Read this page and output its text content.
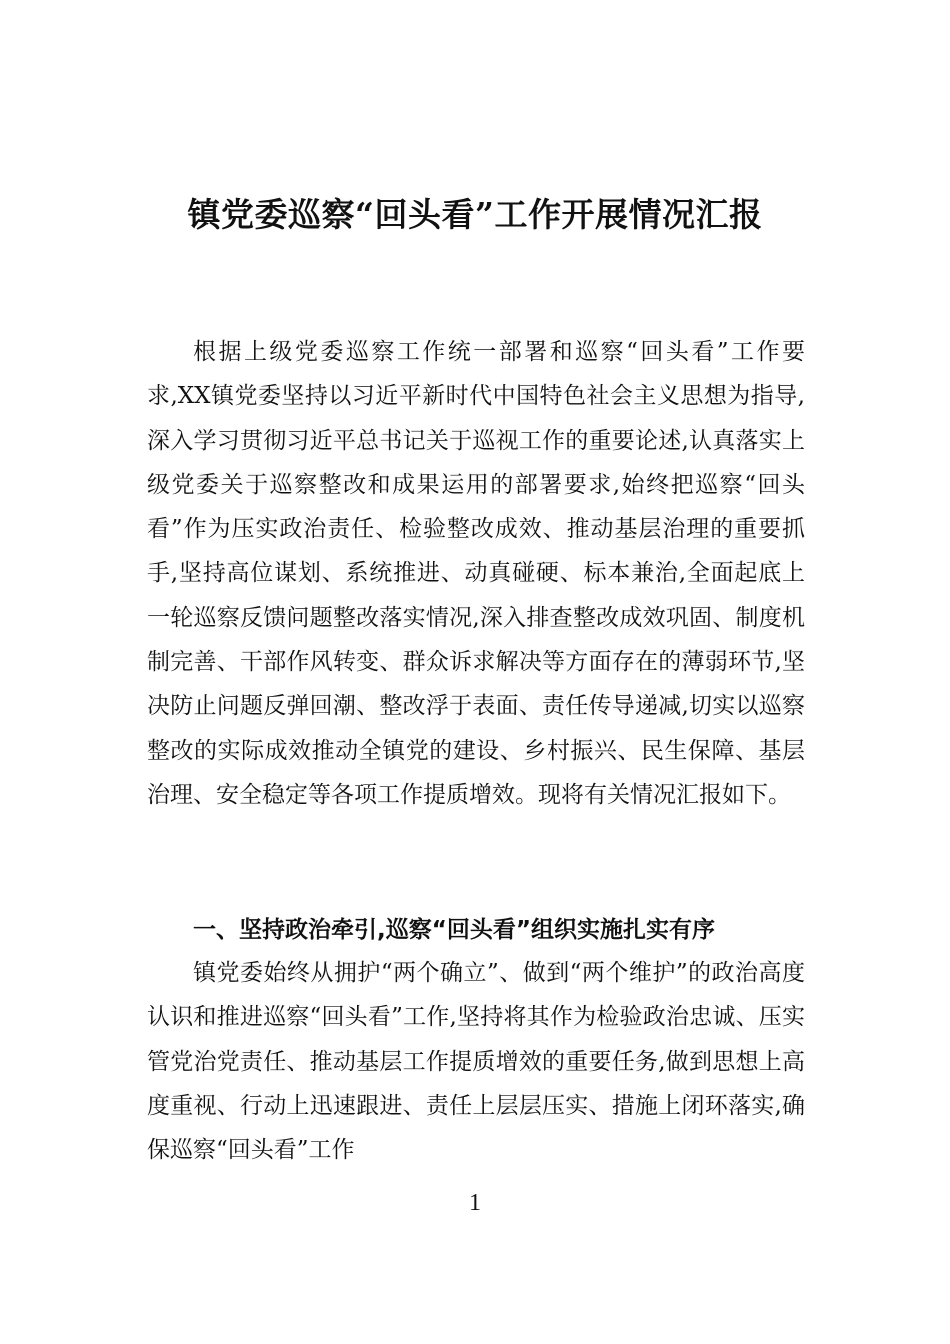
镇党委巡察“回头看”工作开展情况汇报

根据上级党委巡察工作统一部署和巡察“回头看”工作要求,XX镇党委坚持以习近平新时代中国特色社会主义思想为指导,深入学习贯彻习近平总书记关于巡视工作的重要论述,认真落实上级党委关于巡察整改和成果运用的部署要求,始终把巡察“回头看”作为压实政治责任、检验整改成效、推动基层治理的重要抓手,坚持高位谋划、系统推进、动真碰硬、标本兼治,全面起底上一轮巡察反馈问题整改落实情况,深入排查整改成效巩固、制度机制完善、干部作风转变、群众诉求解决等方面存在的薄弱环节,坚决防止问题反弹回潮、整改浮于表面、责任传导递减,切实以巡察整改的实际成效推动全镇党的建设、乡村振兴、民生保障、基层治理、安全稳定等各项工作提质增效。现将有关情况汇报如下。

一、坚持政治牵引,巡察“回头看”组织实施扎实有序

镇党委始终从拥护“两个确立”、做到“两个维护”的政治高度认识和推进巡察“回头看”工作,坚持将其作为检验政治忠诚、压实管党治党责任、推动基层工作提质增效的重要任务,做到思想上高度重视、行动上迅速跟进、责任上层层压实、措施上闭环落实,确保巡察“回头看”工作

1
